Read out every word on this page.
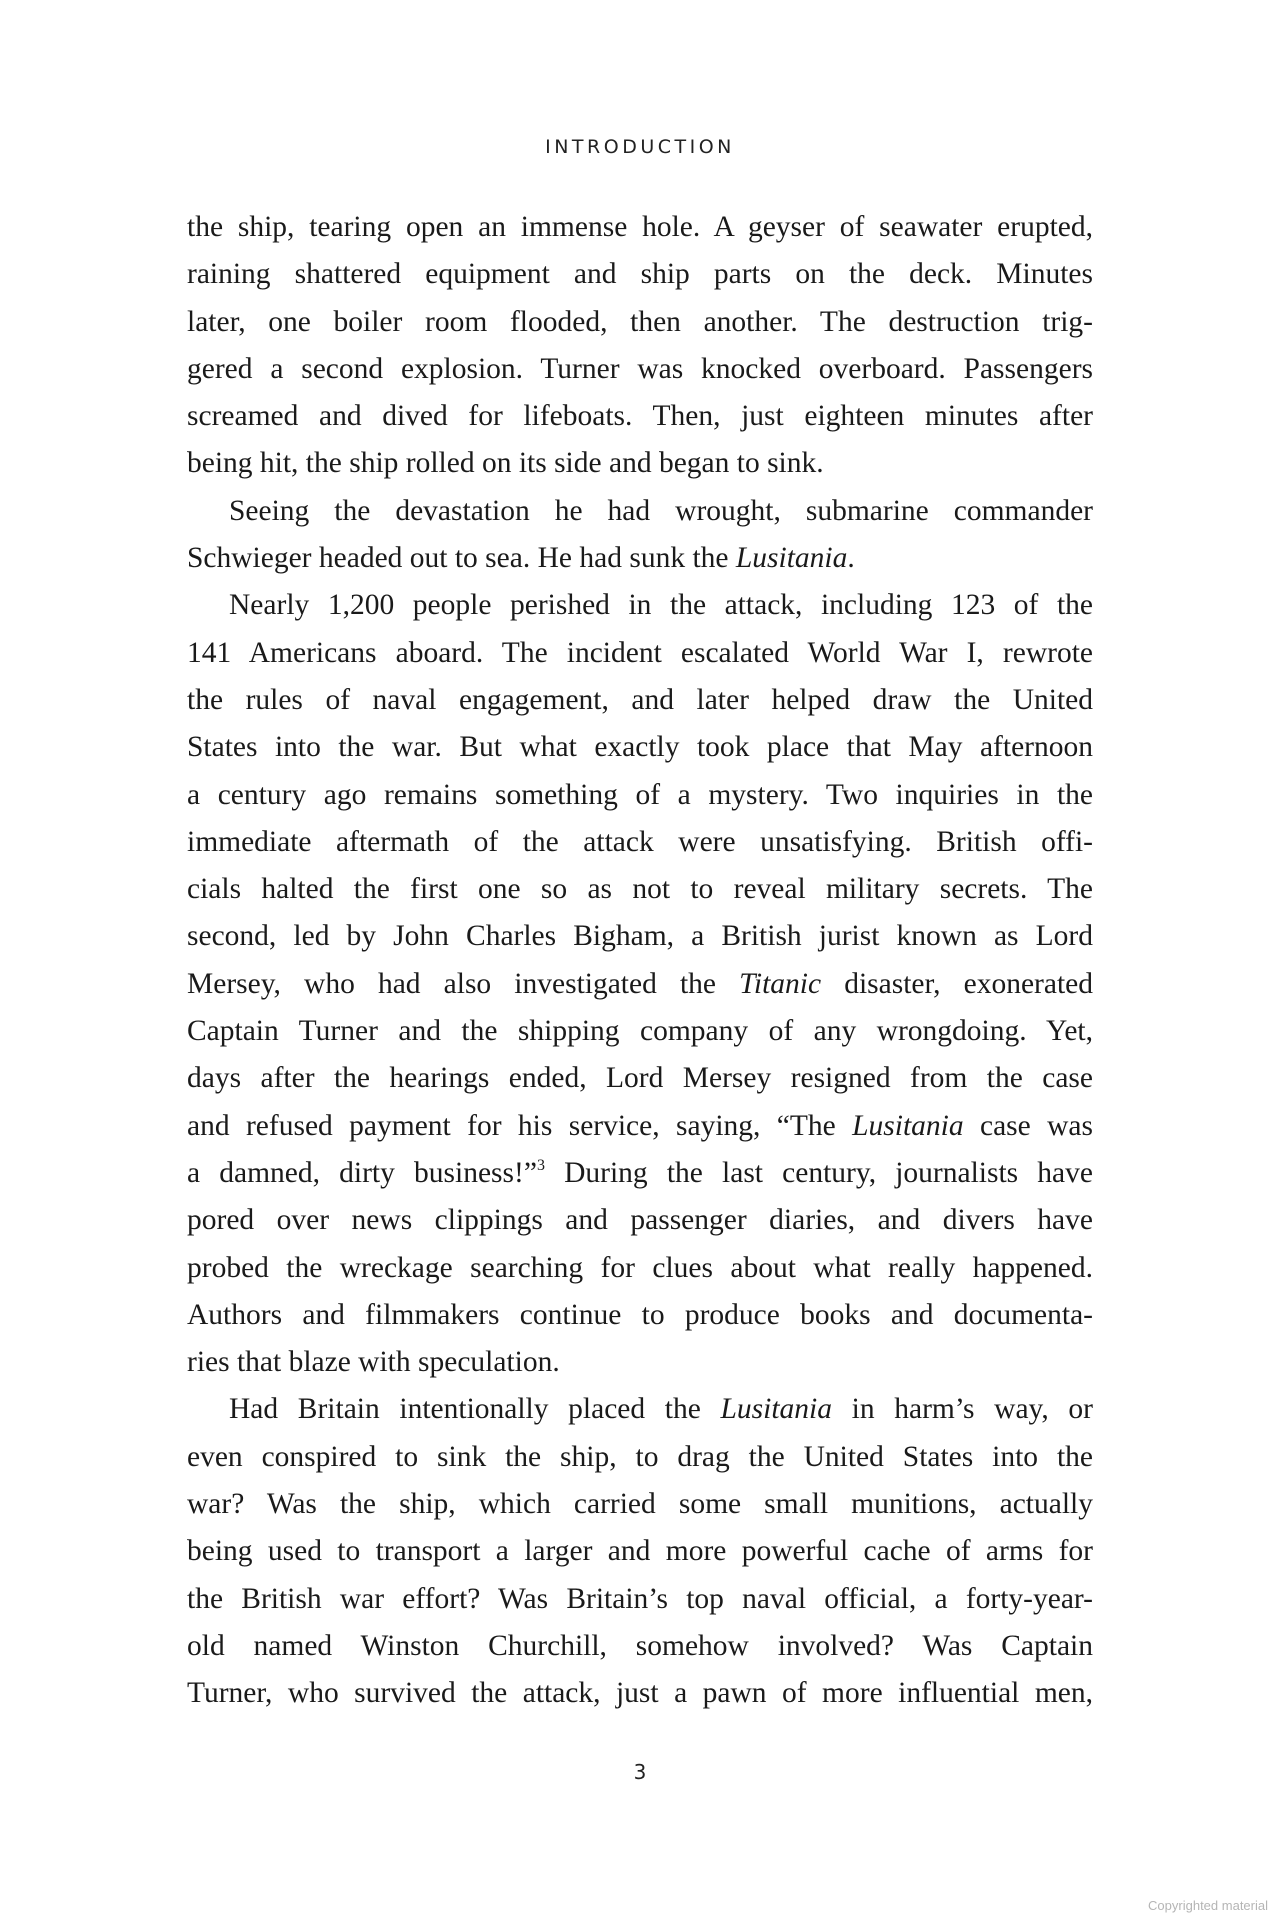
INTRODUCTION
the ship, tearing open an immense hole. A geyser of seawater erupted,
raining shattered equipment and ship parts on the deck. Minutes
later, one boiler room flooded, then another. The destruction trig-
gered a second explosion. Turner was knocked overboard. Passengers
screamed and dived for lifeboats. Then, just eighteen minutes after
being hit, the ship rolled on its side and began to sink.
Seeing the devastation he had wrought, submarine commander
Schwieger headed out to sea. He had sunk the Lusitania.
Nearly 1,200 people perished in the attack, including 123 of the
141 Americans aboard. The incident escalated World War I, rewrote
the rules of naval engagement, and later helped draw the United
States into the war. But what exactly took place that May afternoon
a century ago remains something of a mystery. Two inquiries in the
immediate aftermath of the attack were unsatisfying. British offi-
cials halted the first one so as not to reveal military secrets. The
second, led by John Charles Bigham, a British jurist known as Lord
Mersey, who had also investigated the Titanic disaster, exonerated
Captain Turner and the shipping company of any wrongdoing. Yet,
days after the hearings ended, Lord Mersey resigned from the case
and refused payment for his service, saying, “The Lusitania case was
a damned, dirty business!”$^3$ During the last century, journalists have
pored over news clippings and passenger diaries, and divers have
probed the wreckage searching for clues about what really happened.
Authors and filmmakers continue to produce books and documenta-
ries that blaze with speculation.
Had Britain intentionally placed the Lusitania in harm’s way, or
even conspired to sink the ship, to drag the United States into the
war? Was the ship, which carried some small munitions, actually
being used to transport a larger and more powerful cache of arms for
the British war effort? Was Britain’s top naval official, a forty-year-
old named Winston Churchill, somehow involved? Was Captain
Turner, who survived the attack, just a pawn of more influential men,
3
Copyrighted material
